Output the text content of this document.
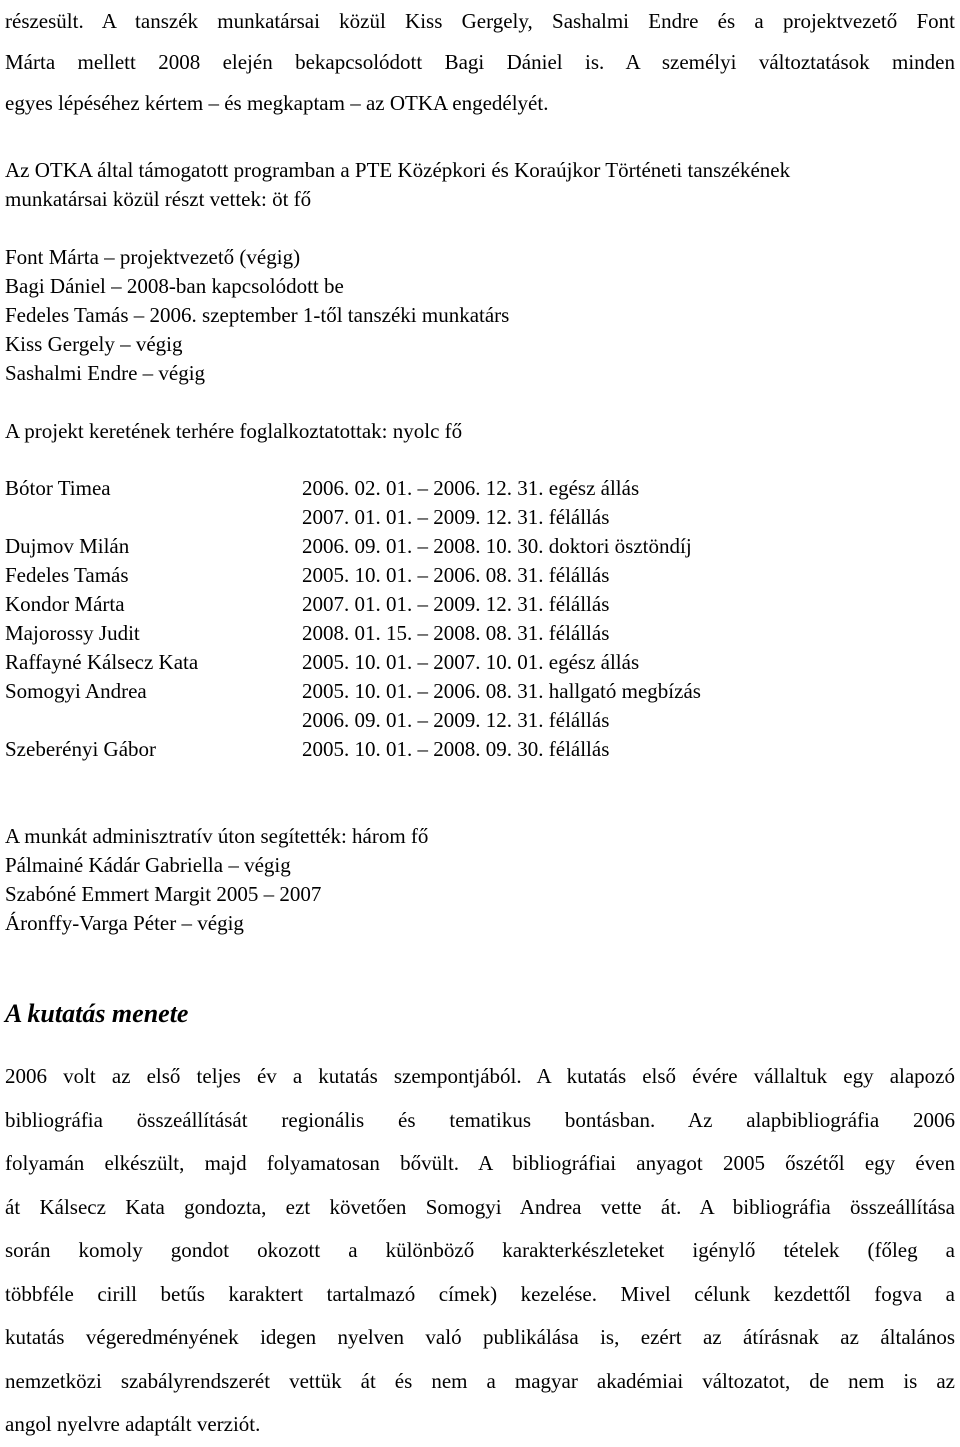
részesült. A tanszék munkatársai közül Kiss Gergely, Sashalmi Endre és a projektvezető Font
Márta mellett 2008 elején bekapcsolódott Bagi Dániel is. A személyi változtatások minden
egyes lépéséhez kértem – és megkaptam – az OTKA engedélyét.
Az OTKA által támogatott programban a PTE Középkori és Koraújkor Történeti tanszékének
munkatársai közül részt vettek: öt fő
Font Márta – projektvezető (végig)
Bagi Dániel – 2008-ban kapcsolódott be
Fedeles Tamás – 2006. szeptember 1-től tanszéki munkatárs
Kiss Gergely – végig
Sashalmi Endre – végig
A projekt keretének terhére foglalkoztatottak: nyolc fő
Bótor Timea	2006. 02. 01. – 2006. 12. 31. egész állás
2007. 01. 01. – 2009. 12. 31. félállás
Dujmov Milán	2006. 09. 01. – 2008. 10. 30. doktori ösztöndíj
Fedeles Tamás	2005. 10. 01. – 2006. 08. 31. félállás
Kondor Márta	2007. 01. 01. – 2009. 12. 31. félállás
Majorossy Judit	2008. 01. 15. – 2008. 08. 31. félállás
Raffayné Kálsecz Kata	2005. 10. 01. – 2007. 10. 01. egész állás
Somogyi Andrea	2005. 10. 01. – 2006. 08. 31. hallgató megbízás
2006. 09. 01. – 2009. 12. 31. félállás
Szeberényi Gábor	2005. 10. 01. – 2008. 09. 30. félállás
A munkát adminisztratív úton segítették: három fő
Pálmainé Kádár Gabriella – végig
Szabóné Emmert Margit 2005 – 2007
Áronffy-Varga Péter – végig
A kutatás menete
2006 volt az első teljes év a kutatás szempontjából. A kutatás első évére vállaltuk egy alapozó
bibliográfia összeállítását regionális és tematikus bontásban. Az alapbibliográfia 2006
folyamán elkészült, majd folyamatosan bővült. A bibliográfiai anyagot 2005 őszétől egy éven
át Kálsecz Kata gondozta, ezt követően Somogyi Andrea vette át. A bibliográfia összeállítása
során komoly gondot okozott a különböző karakterkészleteket igénylő tételek (főleg a
többféle cirill betűs karaktert tartalmazó címek) kezelése. Mivel célunk kezdettől fogva a
kutatás végeredményének idegen nyelven való publikálása is, ezért az átírásnak az általános
nemzetközi szabályrendszerét vettük át és nem a magyar akadémiai változatot, de nem is az
angol nyelvre adaptált verziót.
